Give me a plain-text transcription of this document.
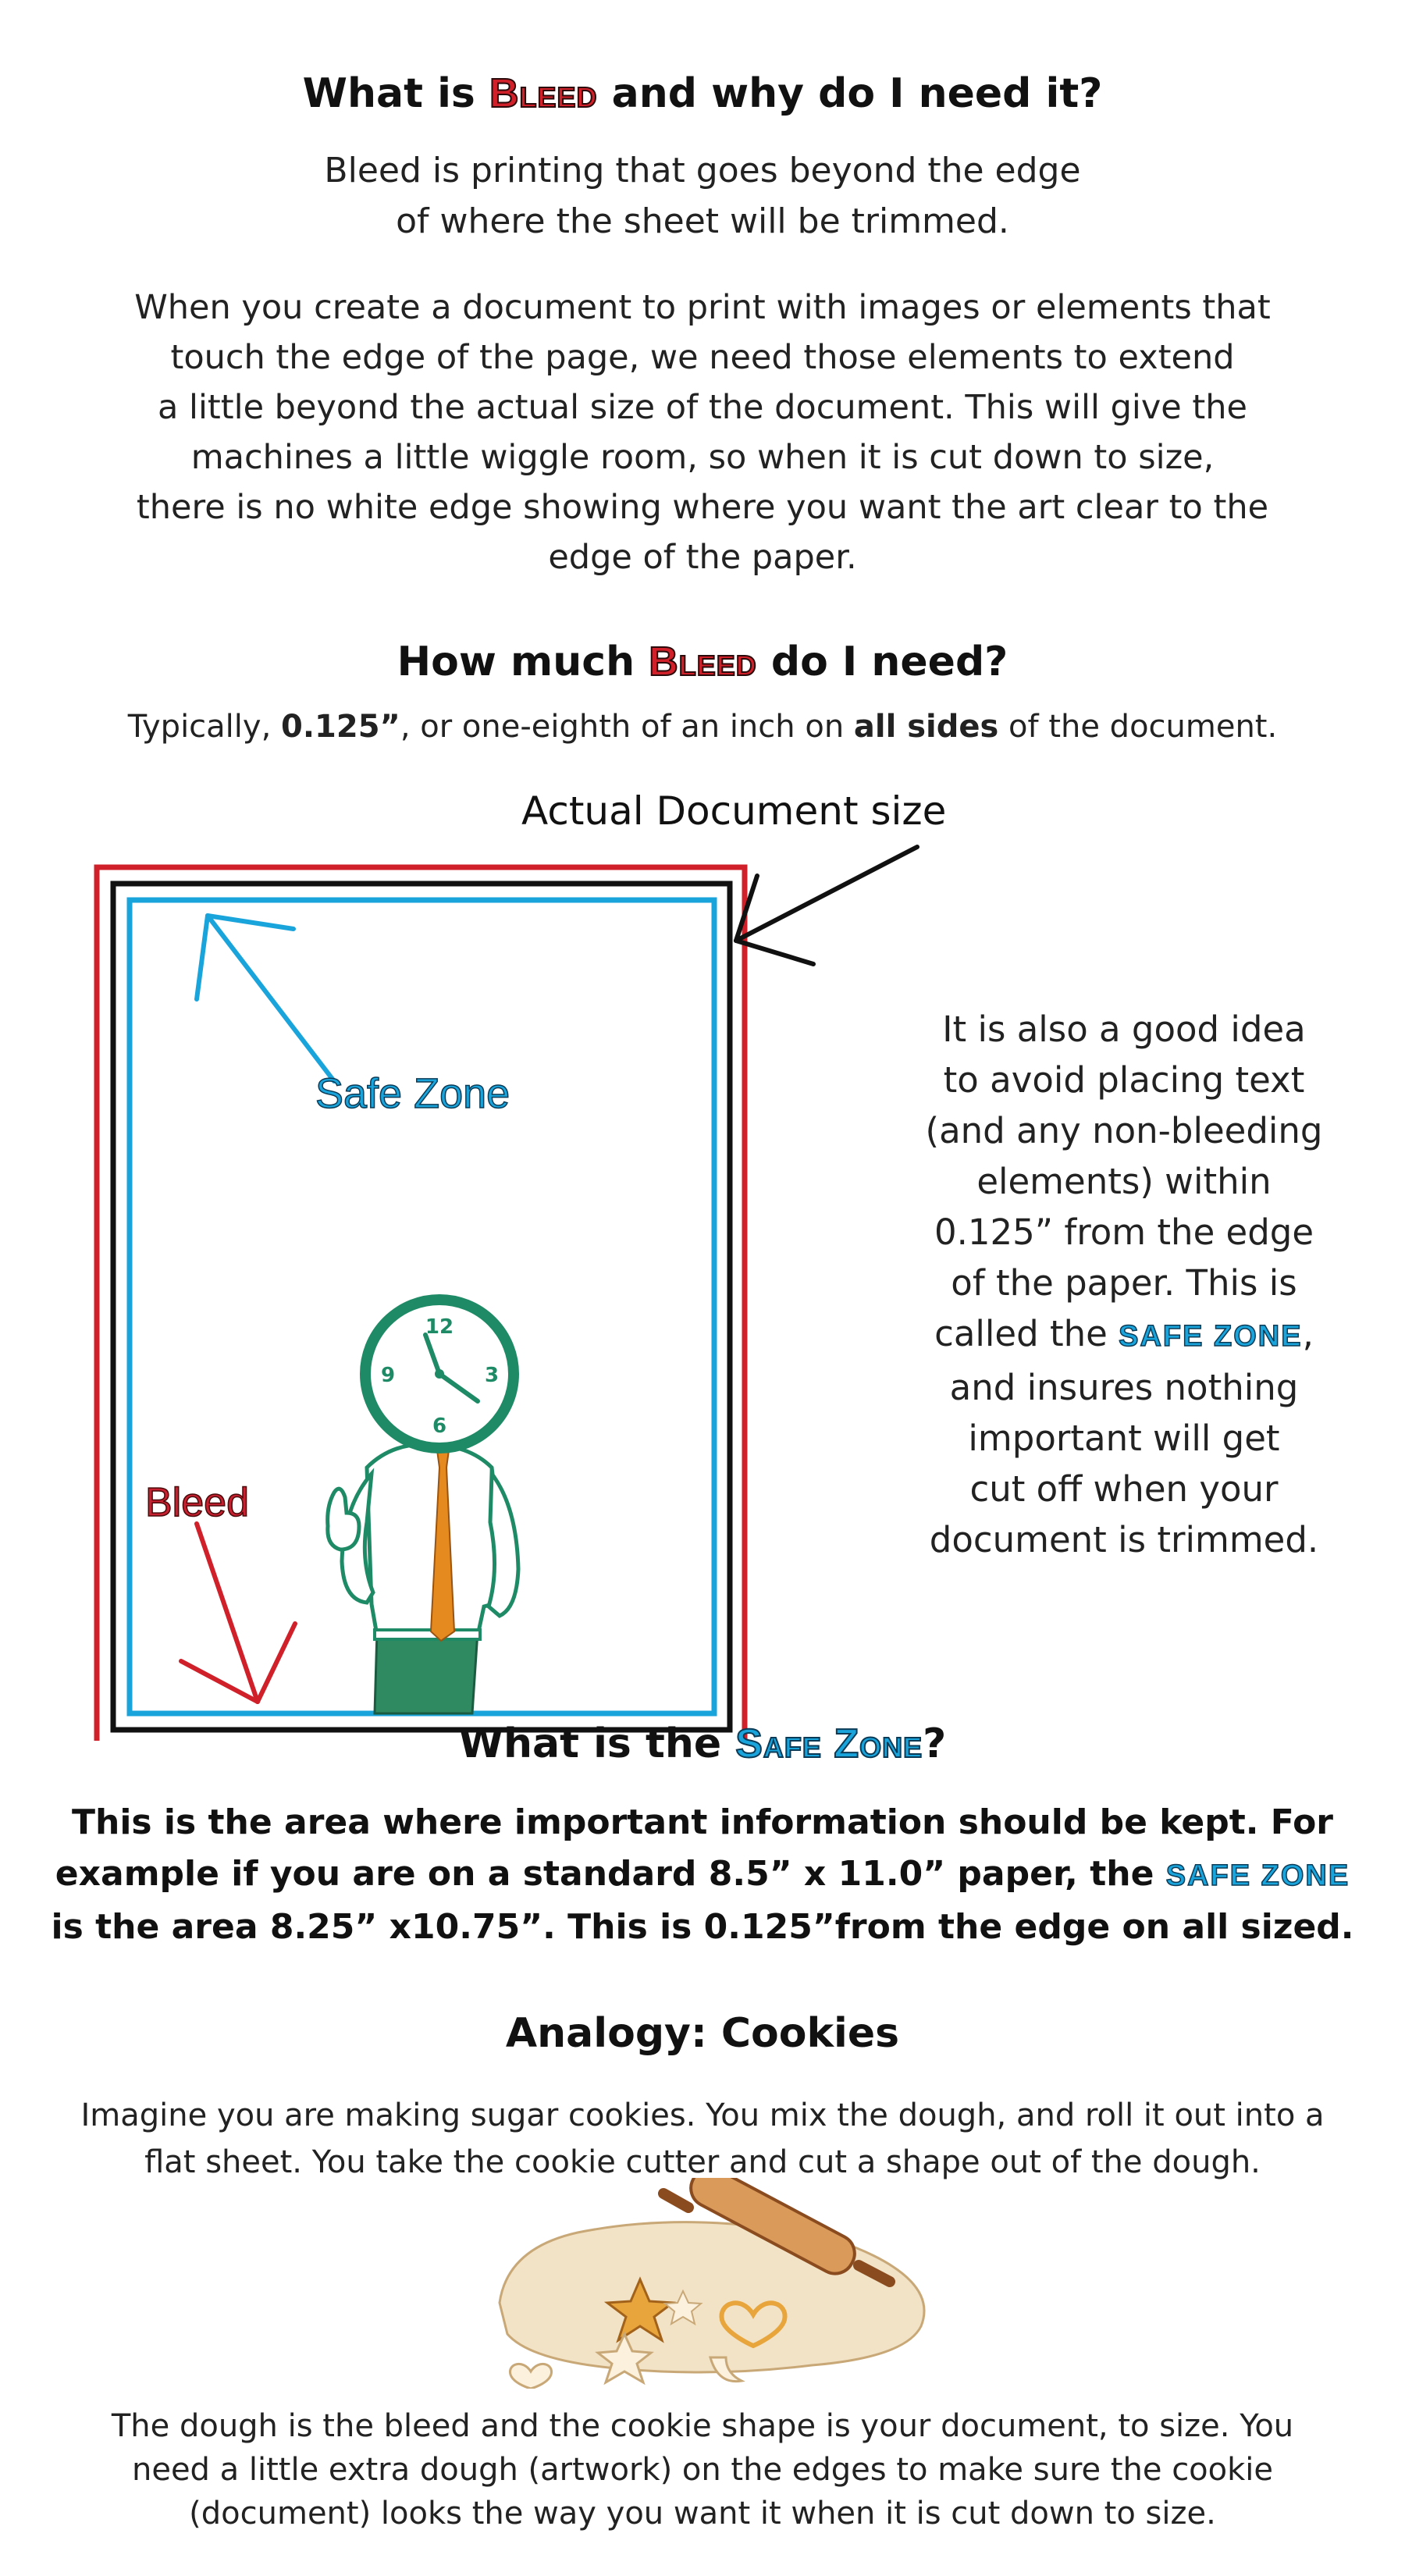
What is Bleed and why do I need it?
Bleed is printing that goes beyond the edge
of where the sheet will be trimmed.
When you create a document to print with images or elements that
touch the edge of the page, we need those elements to extend
a little beyond the actual size of the document. This will give the
machines a little wiggle room, so when it is cut down to size,
there is no white edge showing where you want the art clear to the
edge of the paper.
How much Bleed do I need?
Typically, 0.125”, or one-eighth of an inch on all sides of the document.
Actual Document size
12
3
6
9
Safe Zone
Bleed
It is also a good idea
to avoid placing text
(and any non-bleeding
elements) within
0.125” from the edge
of the paper. This is
called the SAFE ZONE,
and insures nothing
important will get
cut off when your
document is trimmed.
What is the Safe Zone?
This is the area where important information should be kept. For
example if you are on a standard 8.5” x 11.0” paper, the SAFE ZONE
is the area 8.25” x10.75”. This is 0.125”from the edge on all sized.
Analogy: Cookies
Imagine you are making sugar cookies. You mix the dough, and roll it out into a
flat sheet. You take the cookie cutter and cut a shape out of the dough.
The dough is the bleed and the cookie shape is your document, to size. You
need a little extra dough (artwork) on the edges to make sure the cookie
(document) looks the way you want it when it is cut down to size.
